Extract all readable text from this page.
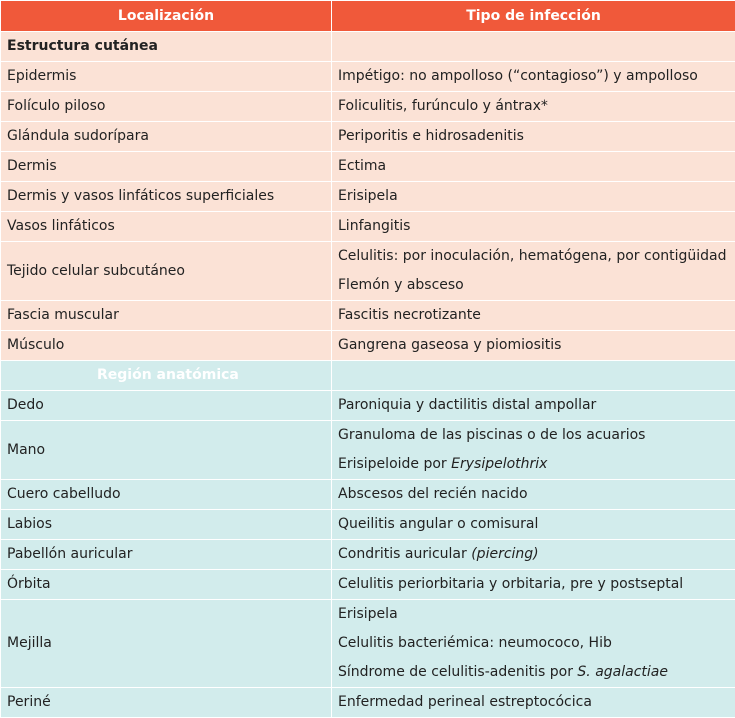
Localización	Tipo de infección
Estructura cutánea	
Epidermis	Impétigo: no ampolloso (“contagioso”) y ampolloso
Folículo piloso	Foliculitis, furúnculo y ántrax*
Glándula sudorípara	Periporitis e hidrosadenitis
Dermis	Ectima
Dermis y vasos linfáticos superficiales	Erisipela
Vasos linfáticos	Linfangitis
Tejido celular subcutáneo	Celulitis: por inoculación, hematógena, por contigüidad
Flemón y absceso

Fascia muscular	Fascitis necrotizante
Músculo	Gangrena gaseosa y piomiositis
Región anatómica	
Dedo	Paroniquia y dactilitis distal ampollar
Mano	Granuloma de las piscinas o de los acuarios
Erisipeloide por Erysipelothrix

Cuero cabelludo	Abscesos del recién nacido
Labios	Queilitis angular o comisural
Pabellón auricular	Condritis auricular (piercing)
Órbita	Celulitis periorbitaria y orbitaria, pre y postseptal
Mejilla	Erisipela
Celulitis bacteriémica: neumococo, Hib
Síndrome de celulitis-adenitis por S. agalactiae

Periné	Enfermedad perineal estreptocócica
